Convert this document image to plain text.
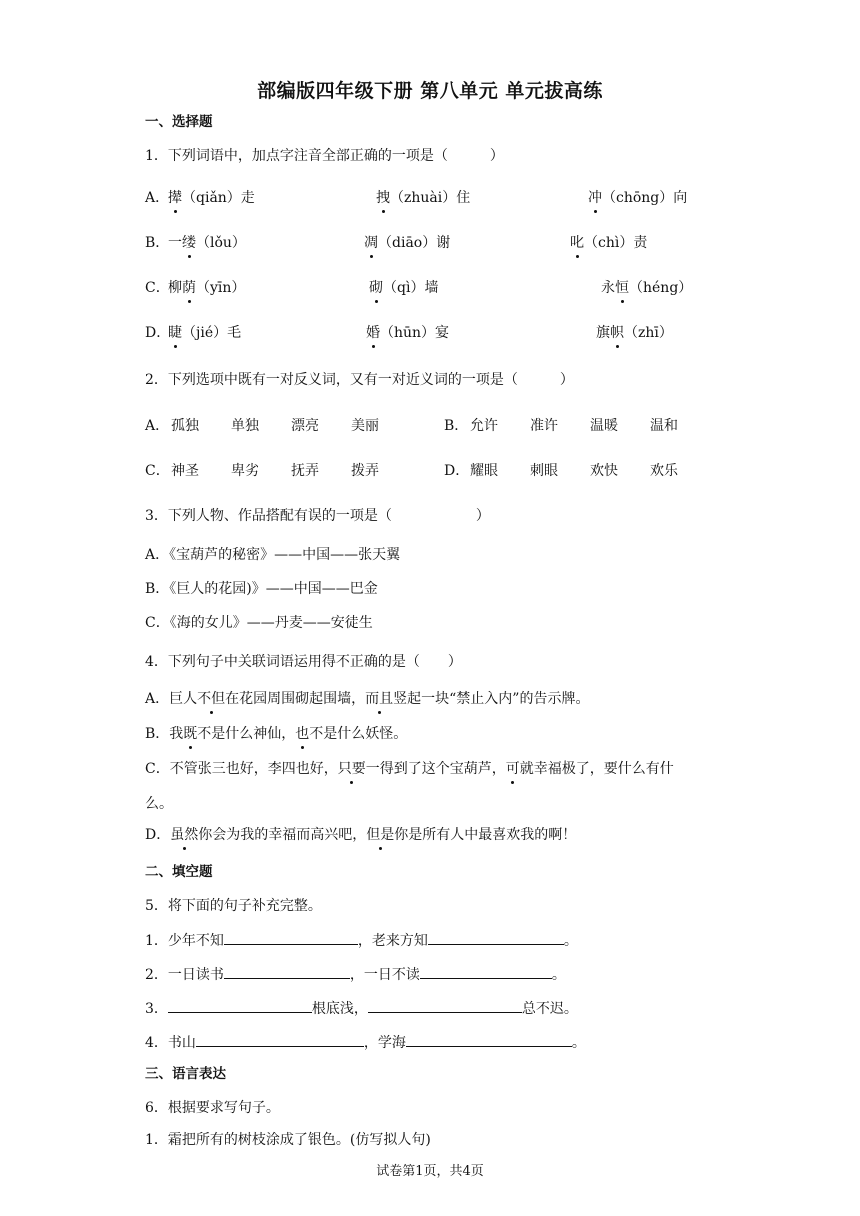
部编版四年级下册 第八单元 单元拔高练
一、选择题
1．下列词语中，加点字注音全部正确的一项是（　　　）
A．
撵（qiǎn）走	拽（zhuài）住	冲（chōng）向
B．
一缕（lǒu）	凋（diāo）谢	叱（chì）责
C．
柳荫（yīn）	砌（qì）墙	永恒（héng）
D．
睫（jié）毛	婚（hūn）宴	旗帜（zhī）
2．下列选项中既有一对反义词，又有一对近义词的一项是（　　　）
A． 孤独 单独 漂亮 美丽	B． 允许 准许 温暖 温和
C． 神圣 卑劣 抚弄 拨弄	D． 耀眼 刺眼 欢快 欢乐
3．下列人物、作品搭配有误的一项是（　　　　　　）
A．《宝葫芦的秘密》——中国——张天翼
B．《巨人的花园)》——中国——巴金
C．《海的女儿》——丹麦——安徒生
4．下列句子中关联词语运用得不正确的是（　　）
A．巨人不但在花园周围砌起围墙，而且竖起一块“禁止入内”的告示牌。
B．我既不是什么神仙，也不是什么妖怪。
C．不管张三也好，李四也好，只要一得到了这个宝葫芦，可就幸福极了，要什么有什
么。
D．虽然你会为我的幸福而高兴吧，但是你是所有人中最喜欢我的啊！
二、填空题
5．将下面的句子补充完整。
1．少年不知	，老来方知	。
2．一日读书	，一日不读	。
3．	根底浅，	总不迟。
4．书山	，学海	。
三、语言表达
6．根据要求写句子。
1．霜把所有的树枝涂成了银色。(仿写拟人句)
试卷第1页，共4页
